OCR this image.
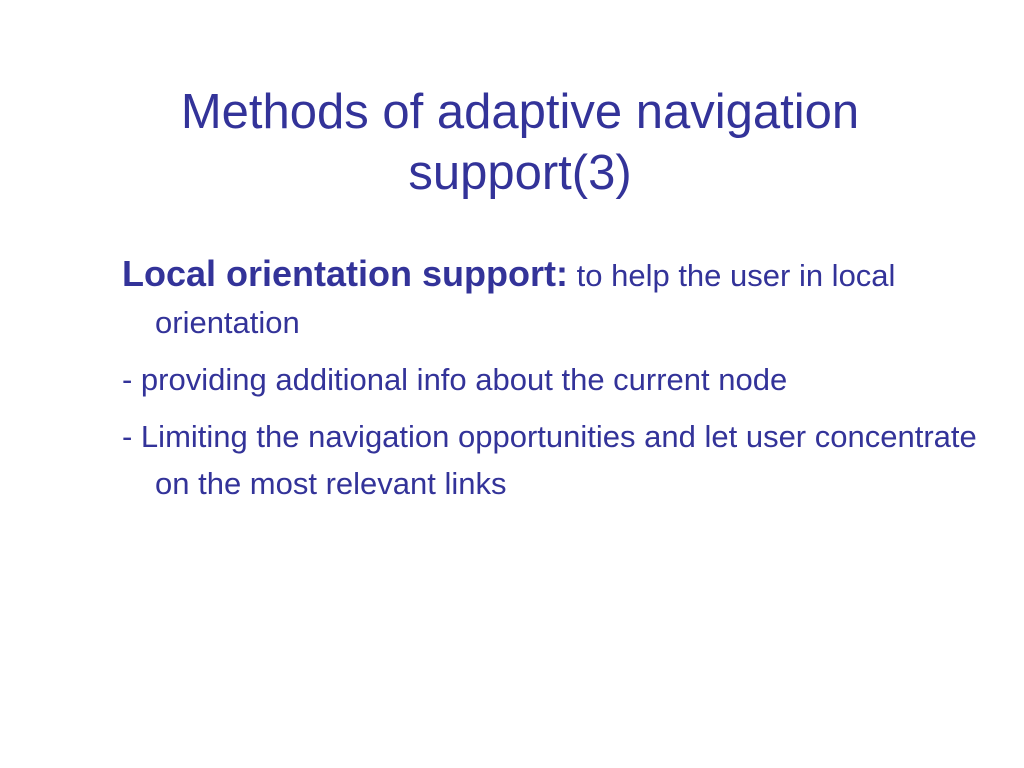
Methods of adaptive navigation
support(3)
Local orientation support: to help the user in local orientation
- providing additional info about the current node
- Limiting the navigation opportunities and let user concentrate on the most relevant links
